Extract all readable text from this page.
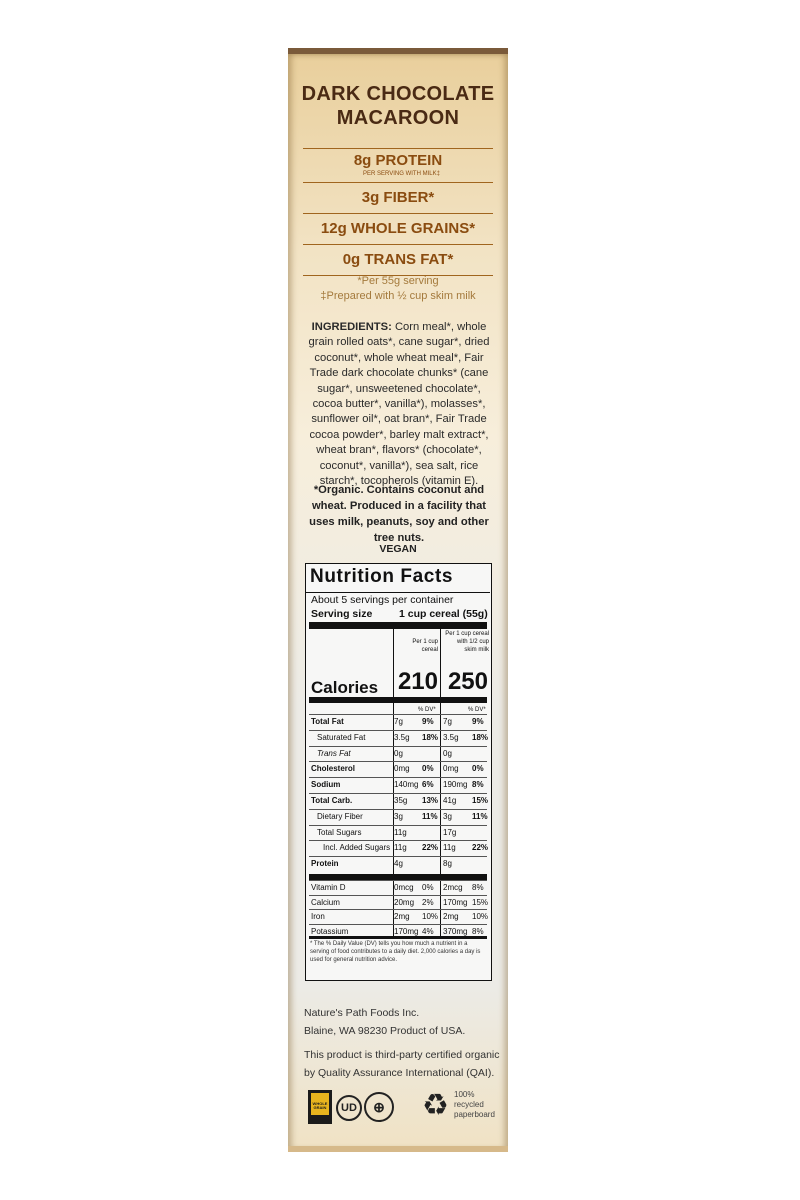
DARK CHOCOLATE
MACAROON
8g PROTEIN
PER SERVING WITH MILK‡
3g FIBER*
12g WHOLE GRAINS*
0g TRANS FAT*
*Per 55g serving
‡Prepared with ½ cup skim milk
INGREDIENTS: Corn meal*, whole grain rolled oats*, cane sugar*, dried coconut*, whole wheat meal*, Fair Trade dark chocolate chunks* (cane sugar*, unsweetened chocolate*, cocoa butter*, vanilla*), molasses*, sunflower oil*, oat bran*, Fair Trade cocoa powder*, barley malt extract*, wheat bran*, flavors* (chocolate*, coconut*, vanilla*), sea salt, rice starch*, tocopherols (vitamin E).
*Organic. Contains coconut and wheat. Produced in a facility that uses milk, peanuts, soy and other tree nuts.
VEGAN
Nutrition Facts
About 5 servings per container
Serving size	1 cup cereal (55g)
Per 1 cup cereal
Per 1 cup cereal with 1/2 cup skim milk
Calories 210 250
% DV*	% DV*
Total Fat	7g 9% 7g	9%
Saturated Fat	3.5g 18% 3.5g 18%
Trans Fat	0g	0g
Cholesterol	0mg 0% 0mg 0%
Sodium	140mg 6% 190mg 8%
Total Carb.	35g 13% 41g 15%
Dietary Fiber	3g 11% 3g	11%
Total Sugars	11g	17g
Incl. Added Sugars 11g 22% 11g 22%
Protein	4g	8g
Vitamin D	0mcg 0% 2mcg 8%
Calcium	20mg 2% 170mg 15%
Iron	2mg 10% 2mg 10%
Potassium	170mg 4% 370mg 8%
* The % Daily Value (DV) tells you how much a nutrient in a serving of food contributes to a daily diet. 2,000 calories a day is used for general nutrition advice.
Nature's Path Foods Inc.
Blaine, WA 98230 Product of USA.
This product is third-party certified organic by Quality Assurance International (QAI).
WHOLE GRAIN	UD	⊕	♻ 100% recycled paperboard
